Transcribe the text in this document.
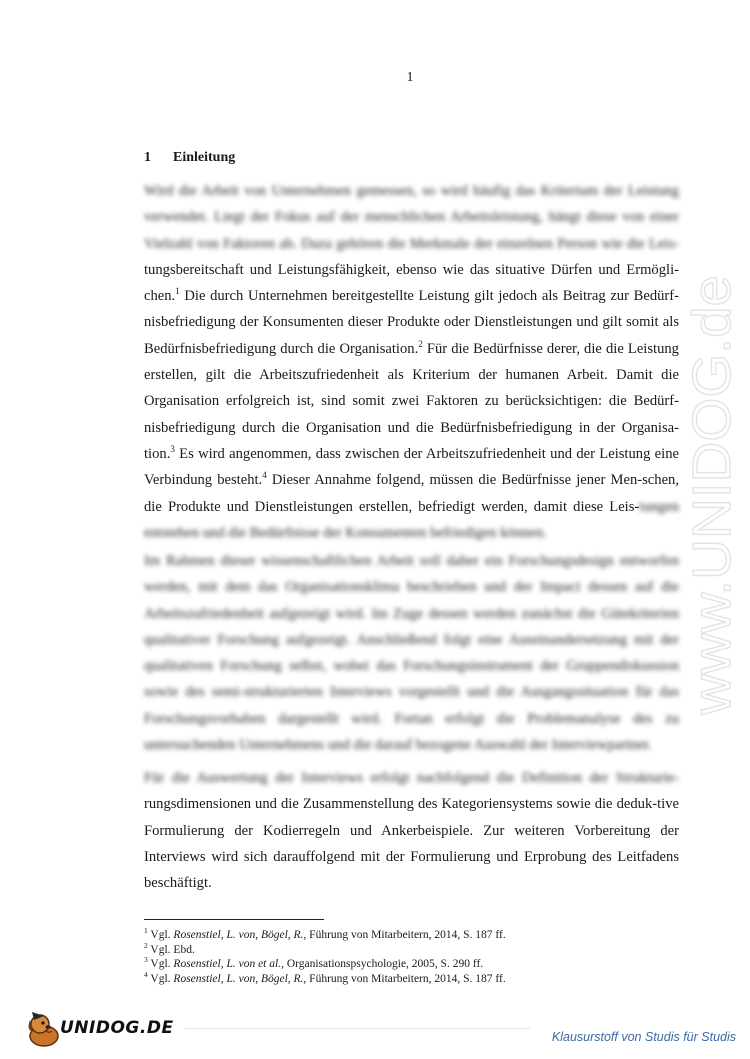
1
1 Einleitung
Wird die Arbeit von Unternehmen gemessen, so wird häufig das Kriterium der Leistung verwendet. Liegt der Fokus auf der menschlichen Arbeitsleistung, hängt diese von einer Vielzahl von Faktoren ab. Dazu gehören die Merkmale der einzelnen Person wie die Leis-tungsbereitschaft und Leistungsfähigkeit, ebenso wie das situative Dürfen und Ermögli-chen.$^1$ Die durch Unternehmen bereitgestellte Leistung gilt jedoch als Beitrag zur Bedürf-nisbefriedigung der Konsumenten dieser Produkte oder Dienstleistungen und gilt somit als Bedürfnisbefriedigung durch die Organisation.$^2$ Für die Bedürfnisse derer, die die Leistung erstellen, gilt die Arbeitszufriedenheit als Kriterium der humanen Arbeit. Damit die Organisation erfolgreich ist, sind somit zwei Faktoren zu berücksichtigen: die Bedürf-nisbefriedigung durch die Organisation und die Bedürfnisbefriedigung in der Organisa-tion.$^3$ Es wird angenommen, dass zwischen der Arbeitszufriedenheit und der Leistung eine Verbindung besteht.$^4$ Dieser Annahme folgend, müssen die Bedürfnisse jener Men-schen, die Produkte und Dienstleistungen erstellen, befriedigt werden, damit diese Leis-tungen entstehen und die Bedürfnisse der Konsumenten befriedigen können.
Im Rahmen dieser wissenschaftlichen Arbeit soll daher ein Forschungsdesign entworfen werden, mit dem das Organisationsklima beschrieben und der Impact dessen auf die Arbeitszufriedenheit aufgezeigt wird. Im Zuge dessen werden zunächst die Gütekriterien qualitativer Forschung aufgezeigt. Anschließend folgt eine Auseinandersetzung mit der qualitativen Forschung selbst, wobei das Forschungsinstrument der Gruppendiskussion sowie des semi-strukturierten Interviews vorgestellt und die Ausgangssituation für das Forschungsvorhaben dargestellt wird. Fortan erfolgt die Problemanalyse des zu untersuchenden Unternehmens und die darauf bezogene Auswahl der Interviewpartner.
Für die Auswertung der Interviews erfolgt nachfolgend die Definition der Strukturie-rungsdimensionen und die Zusammenstellung des Kategoriensystems sowie die deduk-tive Formulierung der Kodierregeln und Ankerbeispiele. Zur weiteren Vorbereitung der Interviews wird sich darauffolgend mit der Formulierung und Erprobung des Leitfadens beschäftigt.
$^1$ Vgl. Rosenstiel, L. von, Bögel, R., Führung von Mitarbeitern, 2014, S. 187 ff.
$^2$ Vgl. Ebd.
$^3$ Vgl. Rosenstiel, L. von et al., Organisationspsychologie, 2005, S. 290 ff.
$^4$ Vgl. Rosenstiel, L. von, Bögel, R., Führung von Mitarbeitern, 2014, S. 187 ff.
www.UNIDOG.de
UNIDOG.DE	Klausurstoff von Studis für Studis
